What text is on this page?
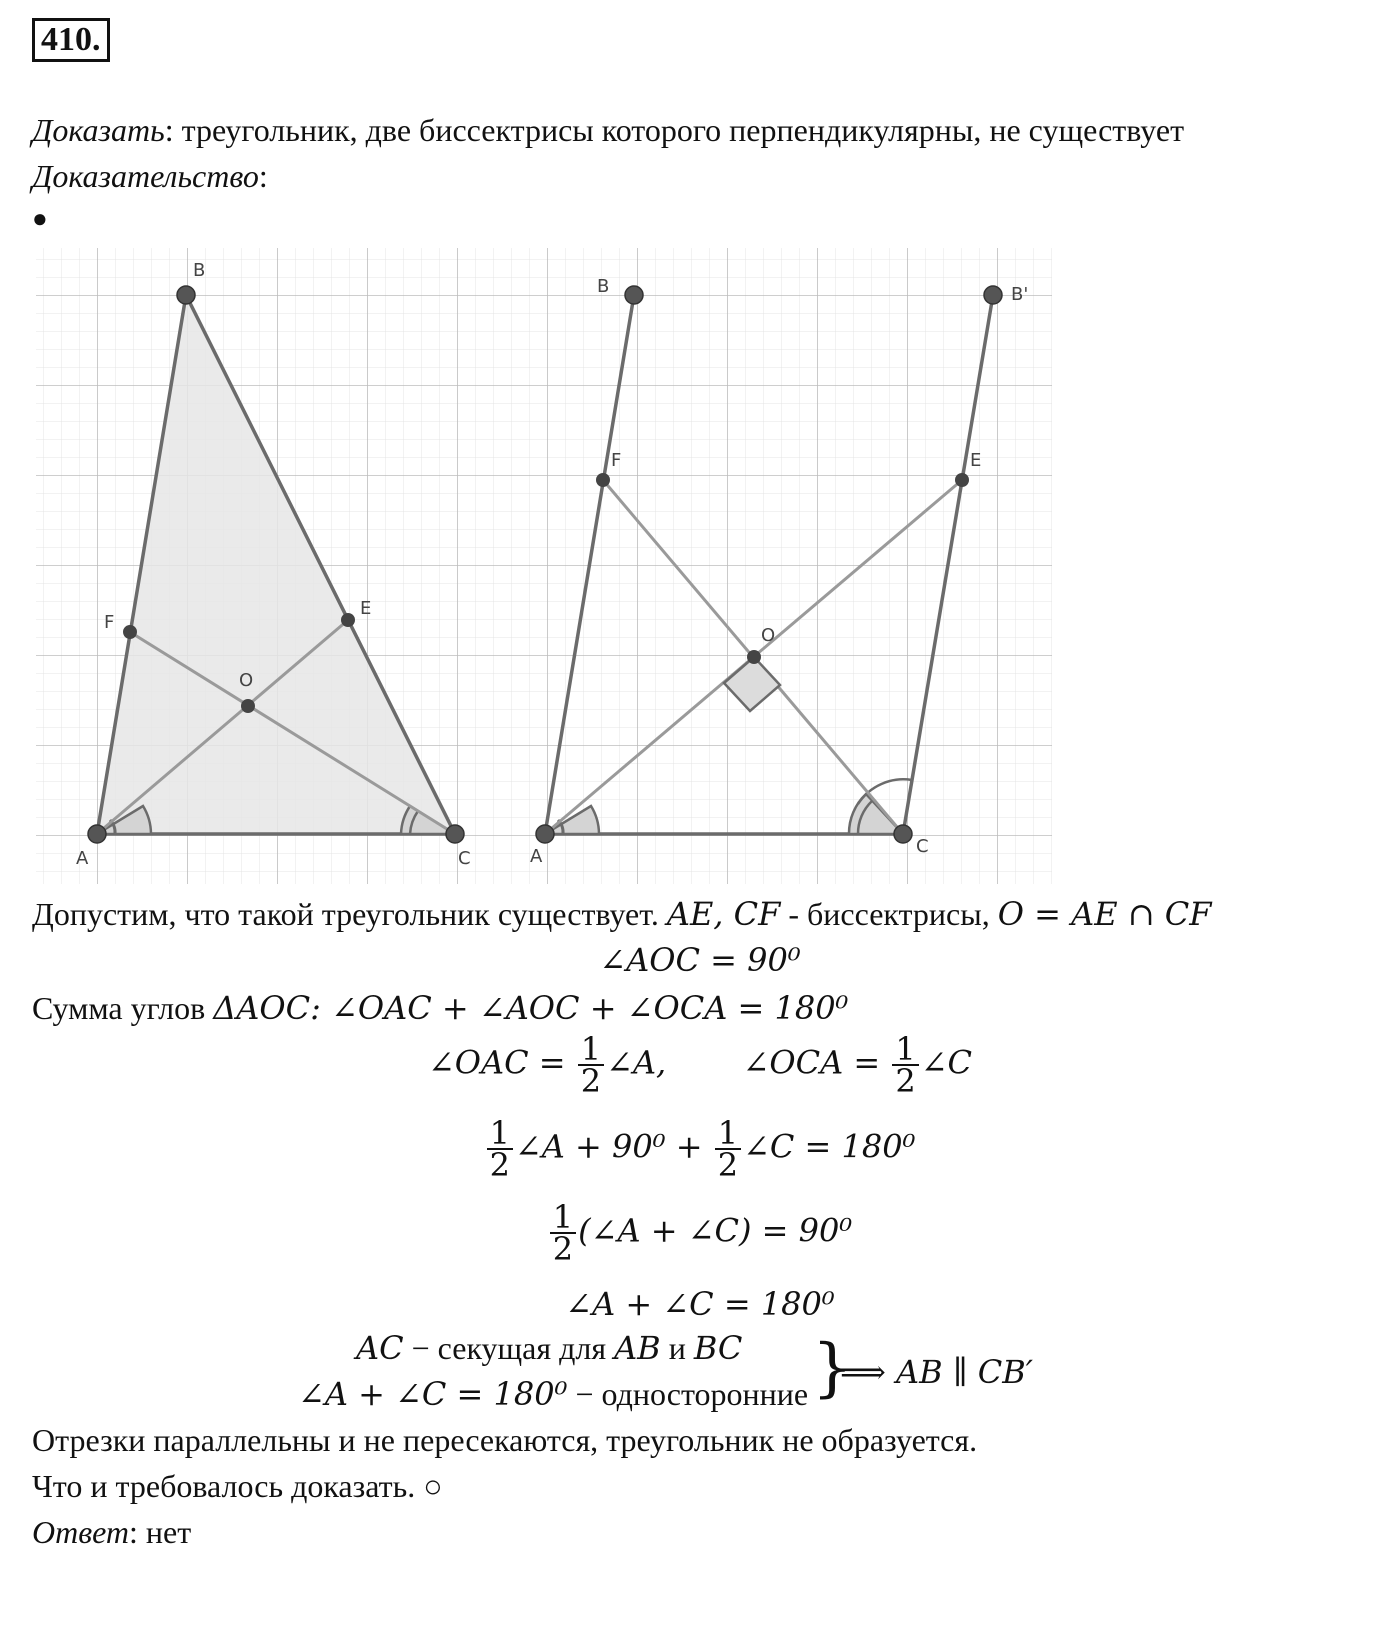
410.
Доказать: треугольник, две биссектрисы которого перпендикулярны, не существует
Доказательство:
●
A
B
C
E
F
O
A
B	B'
C
E
F
O
Допустим, что такой треугольник существует. AE, CF - биссектрисы, O = AE ∩ CF
∠AOC = 90⁰
Сумма углов ΔAOC: ∠OAC + ∠AOC + ∠OCA = 180⁰
∠OAC = $\frac{1}{2}$ ∠A, ∠OCA = $\frac{1}{2}$ ∠C
$\frac{1}{2}$ ∠A + $90^0 + \frac{1}{2}$ ∠C = 180⁰
$\frac{1}{2}$ (∠A + ∠C) = 90⁰
∠A + ∠C = 180⁰
AC − секущая для AB и BC
∠A + ∠C = 180⁰ − односторонние }
⟹ AB ∥ CB′
Отрезки параллельны и не пересекаются, треугольник не образуется.
Что и требовалось доказать. ○
Ответ: нет
